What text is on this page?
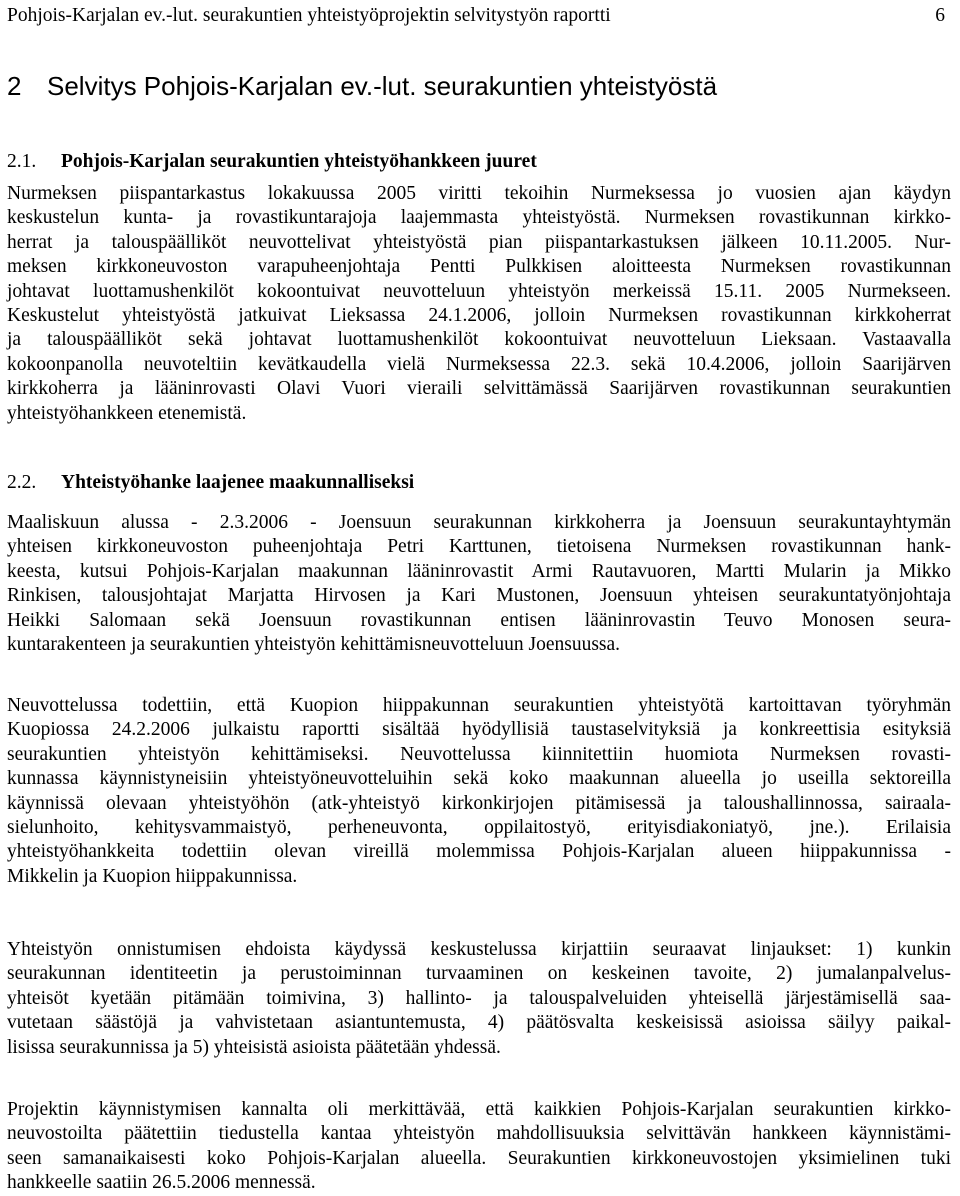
Pohjois-Karjalan ev.-lut. seurakuntien yhteistyöprojektin selvitystyön raportti	6
2 Selvitys Pohjois-Karjalan ev.-lut. seurakuntien yhteistyöstä
2.1. Pohjois-Karjalan seurakuntien yhteistyöhankkeen juuret
Nurmeksen piispantarkastus lokakuussa 2005 viritti tekoihin Nurmeksessa jo vuosien ajan käydyn
keskustelun kunta- ja rovastikuntarajoja laajemmasta yhteistyöstä. Nurmeksen rovastikunnan kirkko-
herrat ja talouspäälliköt neuvottelivat yhteistyöstä pian piispantarkastuksen jälkeen 10.11.2005. Nur-
meksen kirkkoneuvoston varapuheenjohtaja Pentti Pulkkisen aloitteesta Nurmeksen rovastikunnan
johtavat luottamushenkilöt kokoontuivat neuvotteluun yhteistyön merkeissä 15.11. 2005 Nurmekseen.
Keskustelut yhteistyöstä jatkuivat Lieksassa 24.1.2006, jolloin Nurmeksen rovastikunnan kirkkoherrat
ja talouspäälliköt sekä johtavat luottamushenkilöt kokoontuivat neuvotteluun Lieksaan. Vastaavalla
kokoonpanolla neuvoteltiin kevätkaudella vielä Nurmeksessa 22.3. sekä 10.4.2006, jolloin Saarijärven
kirkkoherra ja lääninrovasti Olavi Vuori vieraili selvittämässä Saarijärven rovastikunnan seurakuntien
yhteistyöhankkeen etenemistä.
2.2. Yhteistyöhanke laajenee maakunnalliseksi
Maaliskuun alussa - 2.3.2006 - Joensuun seurakunnan kirkkoherra ja Joensuun seurakuntayhtymän
yhteisen kirkkoneuvoston puheenjohtaja Petri Karttunen, tietoisena Nurmeksen rovastikunnan hank-
keesta, kutsui Pohjois-Karjalan maakunnan lääninrovastit Armi Rautavuoren, Martti Mularin ja Mikko
Rinkisen, talousjohtajat Marjatta Hirvosen ja Kari Mustonen, Joensuun yhteisen seurakuntatyönjohtaja
Heikki Salomaan sekä Joensuun rovastikunnan entisen lääninrovastin Teuvo Monosen seura-
kuntarakenteen ja seurakuntien yhteistyön kehittämisneuvotteluun Joensuussa.
Neuvottelussa todettiin, että Kuopion hiippakunnan seurakuntien yhteistyötä kartoittavan työryhmän
Kuopiossa 24.2.2006 julkaistu raportti sisältää hyödyllisiä taustaselvityksiä ja konkreettisia esityksiä
seurakuntien yhteistyön kehittämiseksi. Neuvottelussa kiinnitettiin huomiota Nurmeksen rovasti-
kunnassa käynnistyneisiin yhteistyöneuvotteluihin sekä koko maakunnan alueella jo useilla sektoreilla
käynnissä olevaan yhteistyöhön (atk-yhteistyö kirkonkirjojen pitämisessä ja taloushallinnossa, sairaala-
sielunhoito, kehitysvammaistyö, perheneuvonta, oppilaitostyö, erityisdiakoniatyö, jne.). Erilaisia
yhteistyöhankkeita todettiin olevan vireillä molemmissa Pohjois-Karjalan alueen hiippakunnissa -
Mikkelin ja Kuopion hiippakunnissa.
Yhteistyön onnistumisen ehdoista käydyssä keskustelussa kirjattiin seuraavat linjaukset: 1) kunkin
seurakunnan identiteetin ja perustoiminnan turvaaminen on keskeinen tavoite, 2) jumalanpalvelus-
yhteisöt kyetään pitämään toimivina, 3) hallinto- ja talouspalveluiden yhteisellä järjestämisellä saa-
vutetaan säästöjä ja vahvistetaan asiantuntemusta, 4) päätösvalta keskeisissä asioissa säilyy paikal-
lisissa seurakunnissa ja 5) yhteisistä asioista päätetään yhdessä.
Projektin käynnistymisen kannalta oli merkittävää, että kaikkien Pohjois-Karjalan seurakuntien kirkko-
neuvostoilta päätettiin tiedustella kantaa yhteistyön mahdollisuuksia selvittävän hankkeen käynnistämi-
seen samanaikaisesti koko Pohjois-Karjalan alueella. Seurakuntien kirkkoneuvostojen yksimielinen tuki
hankkeelle saatiin 26.5.2006 mennessä.
